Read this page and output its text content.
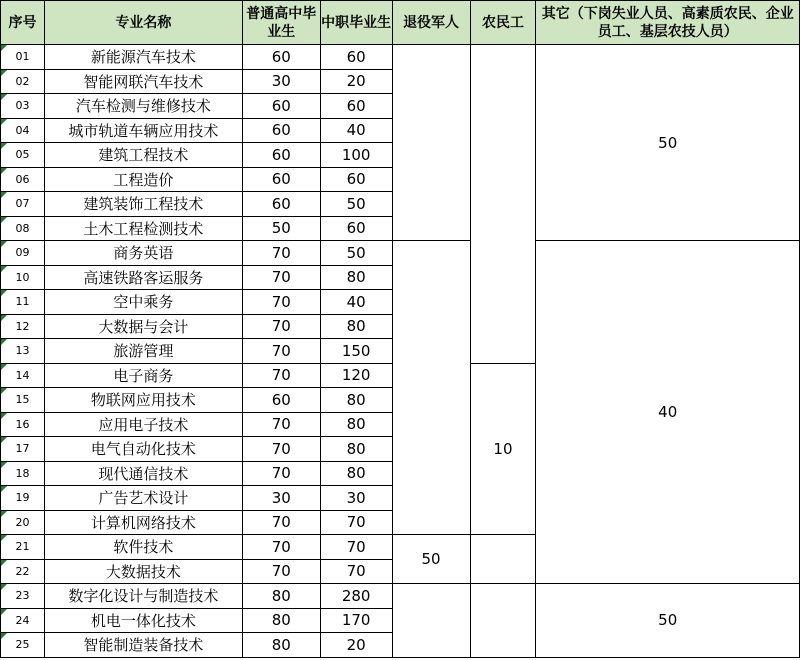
序号	专业名称	普通高中毕业生	中职毕业生	退役军人	农民工	其它（下岗失业人员、高素质农民、企业员工、基层农技人员）
01	新能源汽车技术	60	60			50
02	智能网联汽车技术	30	20			
03	汽车检测与维修技术	60	60			
04	城市轨道车辆应用技术	60	40			
05	建筑工程技术	60	100			
06	工程造价	60	60			
07	建筑装饰工程技术	60	50			
08	土木工程检测技术	50	60			
09	商务英语	70	50			40
10	高速铁路客运服务	70	80			
11	空中乘务	70	40			
12	大数据与会计	70	80			
13	旅游管理	70	150			
14	电子商务	70	120		10	
15	物联网应用技术	60	80			
16	应用电子技术	70	80			
17	电气自动化技术	70	80			
18	现代通信技术	70	80			
19	广告艺术设计	30	30			
20	计算机网络技术	70	70			
21	软件技术	70	70	50		
22	大数据技术	70	70			
23	数字化设计与制造技术	80	280			50
24	机电一体化技术	80	170			
25	智能制造装备技术	80	20			
